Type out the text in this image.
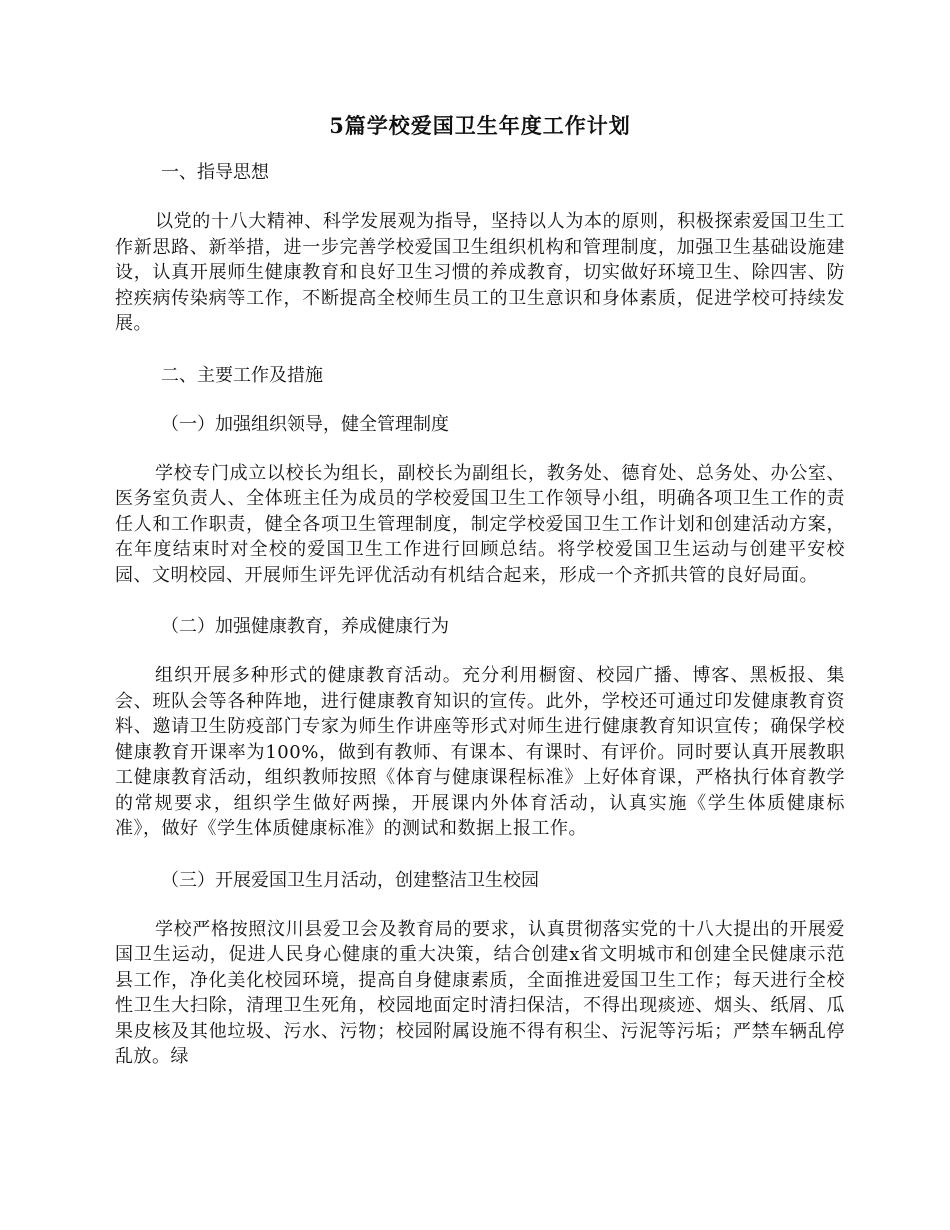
5篇学校爱国卫生年度工作计划
一、指导思想
以党的十八大精神、科学发展观为指导，坚持以人为本的原则，积极探索爱国卫生工作新思路、新举措，进一步完善学校爱国卫生组织机构和管理制度，加强卫生基础设施建设，认真开展师生健康教育和良好卫生习惯的养成教育，切实做好环境卫生、除四害、防控疾病传染病等工作，不断提高全校师生员工的卫生意识和身体素质，促进学校可持续发展。
二、主要工作及措施
（一）加强组织领导，健全管理制度
学校专门成立以校长为组长，副校长为副组长，教务处、德育处、总务处、办公室、医务室负责人、全体班主任为成员的学校爱国卫生工作领导小组，明确各项卫生工作的责任人和工作职责，健全各项卫生管理制度，制定学校爱国卫生工作计划和创建活动方案，在年度结束时对全校的爱国卫生工作进行回顾总结。将学校爱国卫生运动与创建平安校园、文明校园、开展师生评先评优活动有机结合起来，形成一个齐抓共管的良好局面。
（二）加强健康教育，养成健康行为
组织开展多种形式的健康教育活动。充分利用橱窗、校园广播、博客、黑板报、集会、班队会等各种阵地，进行健康教育知识的宣传。此外，学校还可通过印发健康教育资料、邀请卫生防疫部门专家为师生作讲座等形式对师生进行健康教育知识宣传；确保学校健康教育开课率为100%，做到有教师、有课本、有课时、有评价。同时要认真开展教职工健康教育活动，组织教师按照《体育与健康课程标准》上好体育课，严格执行体育教学的常规要求，组织学生做好两操，开展课内外体育活动，认真实施《学生体质健康标准》，做好《学生体质健康标准》的测试和数据上报工作。
（三）开展爱国卫生月活动，创建整洁卫生校园
学校严格按照汶川县爱卫会及教育局的要求，认真贯彻落实党的十八大提出的开展爱国卫生运动，促进人民身心健康的重大决策，结合创建x省文明城市和创建全民健康示范县工作，净化美化校园环境，提高自身健康素质，全面推进爱国卫生工作；每天进行全校性卫生大扫除，清理卫生死角，校园地面定时清扫保洁，不得出现痰迹、烟头、纸屑、瓜果皮核及其他垃圾、污水、污物；校园附属设施不得有积尘、污泥等污垢；严禁车辆乱停乱放。绿
